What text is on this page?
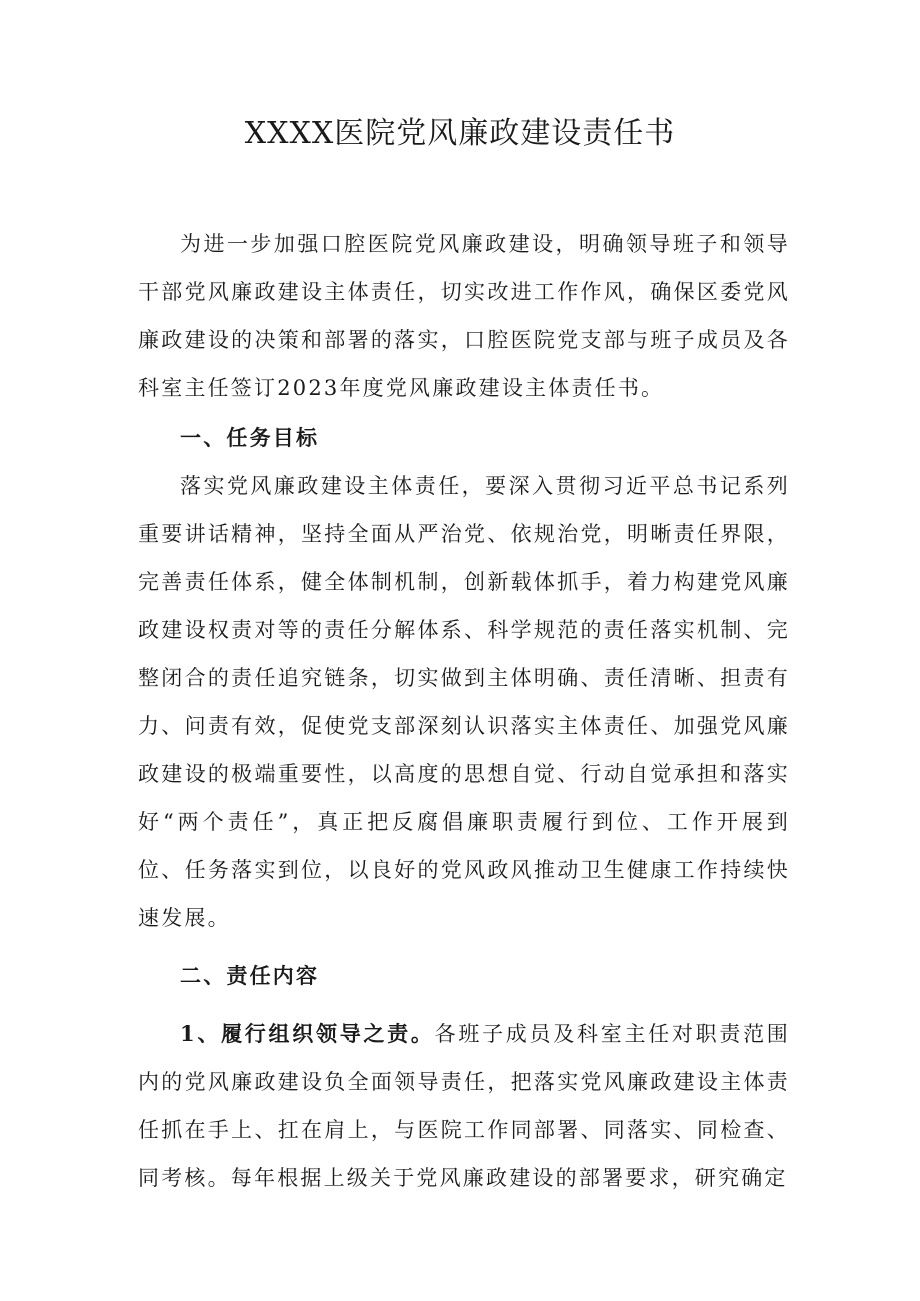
XXXX医院党风廉政建设责任书

为进一步加强口腔医院党风廉政建设，明确领导班子和领导干部党风廉政建设主体责任，切实改进工作作风，确保区委党风廉政建设的决策和部署的落实，口腔医院党支部与班子成员及各科室主任签订2023年度党风廉政建设主体责任书。

一、任务目标

落实党风廉政建设主体责任，要深入贯彻习近平总书记系列重要讲话精神，坚持全面从严治党、依规治党，明晰责任界限，完善责任体系，健全体制机制，创新载体抓手，着力构建党风廉政建设权责对等的责任分解体系、科学规范的责任落实机制、完整闭合的责任追究链条，切实做到主体明确、责任清晰、担责有力、问责有效，促使党支部深刻认识落实主体责任、加强党风廉政建设的极端重要性，以高度的思想自觉、行动自觉承担和落实好“两个责任”，真正把反腐倡廉职责履行到位、工作开展到位、任务落实到位，以良好的党风政风推动卫生健康工作持续快速发展。

二、责任内容

1、履行组织领导之责。各班子成员及科室主任对职责范围内的党风廉政建设负全面领导责任，把落实党风廉政建设主体责任抓在手上、扛在肩上，与医院工作同部署、同落实、同检查、同考核。每年根据上级关于党风廉政建设的部署要求，研究确定
